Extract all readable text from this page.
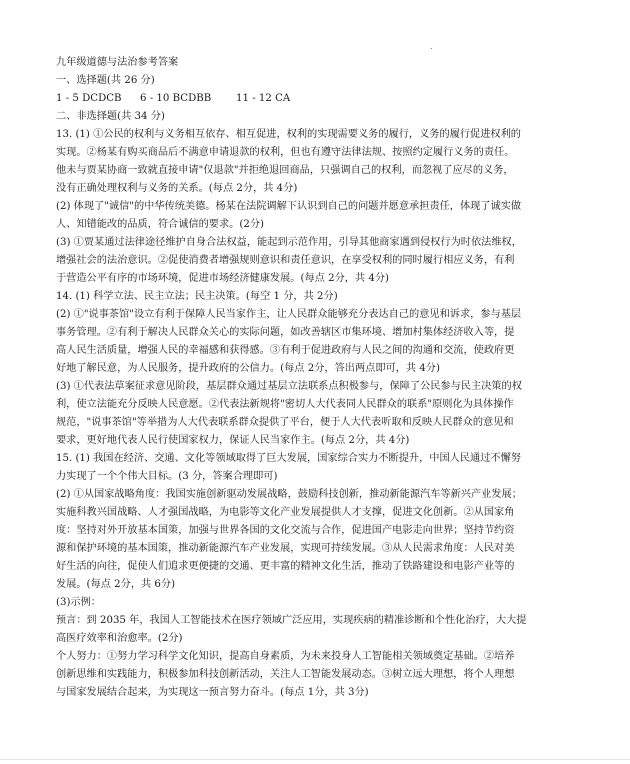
九年级道德与法治参考答案
一、选择题(共 26 分)
1 - 5 DCDCB	6 - 10 BCDBB	11 - 12 CA
二、非选择题(共 34 分)
13. (1) ①公民的权利与义务相互依存、相互促进，权利的实现需要义务的履行，义务的履行促进权利的
实现。②杨某有购买商品后不满意申请退款的权利，但也有遵守法律法规、按照约定履行义务的责任。
他未与贾某协商一致就直接申请"仅退款"并拒绝退回商品，只强调自己的权利，而忽视了应尽的义务，
没有正确处理权利与义务的关系。(每点 2分，共 4分)
(2) 体现了"诚信"的中华传统美德。杨某在法院调解下认识到自己的问题并愿意承担责任，体现了诚实做
人、知错能改的品质，符合诚信的要求。(2分)
(3) ①贾某通过法律途径维护自身合法权益，能起到示范作用，引导其他商家遇到侵权行为时依法维权，
增强社会的法治意识。②促使消费者增强规则意识和责任意识，在享受权利的同时履行相应义务，有利
于营造公平有序的市场环境，促进市场经济健康发展。(每点 2分，共 4分)
14. (1) 科学立法、民主立法；民主决策。(每空 1 分，共 2分)
(2) ①"说事茶馆"设立有利于保障人民当家作主，让人民群众能够充分表达自己的意见和诉求，参与基层
事务管理。②有利于解决人民群众关心的实际问题，如改善辖区市集环境、增加村集体经济收入等，提
高人民生活质量，增强人民的幸福感和获得感。③有利于促进政府与人民之间的沟通和交流，使政府更
好地了解民意，为人民服务，提升政府的公信力。(每点 2分，答出两点即可，共 4分)
(3) ①代表法草案征求意见阶段，基层群众通过基层立法联系点积极参与，保障了公民参与民主决策的权
利，使立法能充分反映人民意愿。②代表法新规将"密切人大代表同人民群众的联系"原则化为具体操作
规范，"说事茶馆"等举措为人大代表联系群众提供了平台，便于人大代表听取和反映人民群众的意见和
要求，更好地代表人民行使国家权力，保证人民当家作主。(每点 2分，共 4分)
15. (1) 我国在经济、交通、文化等领域取得了巨大发展，国家综合实力不断提升，中国人民通过不懈努
力实现了一个个伟大目标。(3 分，答案合理即可)
(2) ①从国家战略角度：我国实施创新驱动发展战略，鼓励科技创新，推动新能源汽车等新兴产业发展；
实施科教兴国战略、人才强国战略，为电影等文化产业发展提供人才支撑，促进文化创新。②从国家角
度：坚持对外开放基本国策，加强与世界各国的文化交流与合作，促进国产电影走向世界；坚持节约资
源和保护环境的基本国策，推动新能源汽车产业发展，实现可持续发展。③从人民需求角度：人民对美
好生活的向往，促使人们追求更便捷的交通、更丰富的精神文化生活，推动了铁路建设和电影产业等的
发展。(每点 2分，共 6分)
(3)示例：
预言：到 2035 年，我国人工智能技术在医疗领域广泛应用，实现疾病的精准诊断和个性化治疗，大大提
高医疗效率和治愈率。(2分)
个人努力：①努力学习科学文化知识，提高自身素质，为未来投身人工智能相关领域奠定基础。②培养
创新思维和实践能力，积极参加科技创新活动，关注人工智能发展动态。③树立远大理想，将个人理想
与国家发展结合起来，为实现这一预言努力奋斗。(每点 1分，共 3分)
